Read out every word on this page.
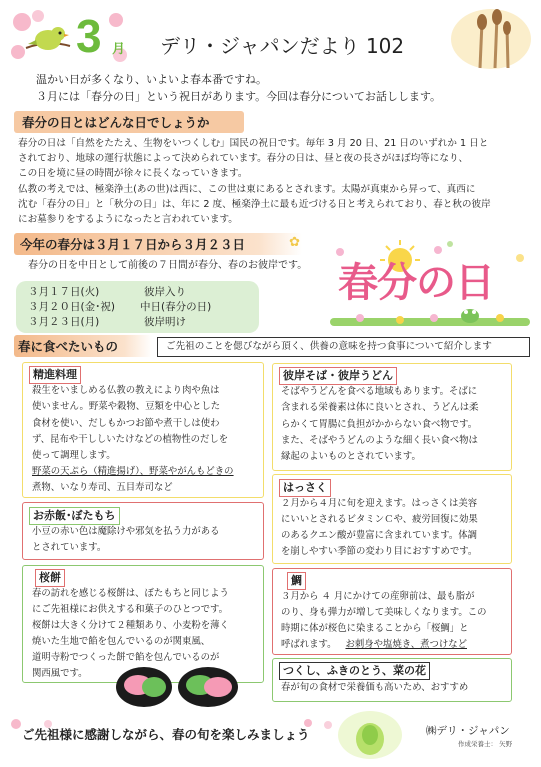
3 月 デリ・ジャパンだより 102
温かい日が多くなり、いよいよ春本番ですね。
３月には「春分の日」という祝日があります。今回は春分についてお話しします。
春分の日とはどんな日でしょうか
春分の日は「自然をたたえ、生物をいつくしむ」国民の祝日です。毎年 3 月 20 日、21 日のいずれか 1 日と
されており、地球の運行状態によって決められています。春分の日は、昼と夜の長さがほぼ均等になり、
この日を境に昼の時間が徐々に長くなっていきます。
仏教の考えでは、極楽浄土(あの世)は西に、この世は東にあるとされます。太陽が真東から昇って、真西に
沈む「春分の日」と「秋分の日」は、年に 2 度、極楽浄土に最も近づける日と考えられており、春と秋の彼岸
にお墓参りをするようになったと言われています。
今年の春分は３月１７日から３月２３日	✿
春分の日を中日として前後の７日間が春分、春のお彼岸です。
３月１７日(火)	彼岸入り
３月２０日(金･祝) 中日(春分の日)
３月２３日(月)	彼岸明け
春分の日
春に食べたいもの	ご先祖のことを偲びながら頂く、供養の意味を持つ食事について紹介します
精進料理
殺生をいましめる仏教の教えにより肉や魚は
使いません。野菜や穀物、豆類を中心とした
食材を使い、だしもかつお節や煮干しは使わ
ず、昆布や干ししいたけなどの植物性のだしを
使って調理します。
野菜の天ぷら（精進揚げ）、野菜やがんもどきの
煮物、いなり寿司、五目寿司など
彼岸そば・彼岸うどん
そばやうどんを食べる地域もあります。そばに
含まれる栄養素は体に良いとされ、うどんは柔
らかくて胃腸に負担がかからない食べ物です。
また、そばやうどんのような細く長い食べ物は
縁起のよいものとされています。
はっさく
２月から４月に旬を迎えます。はっさくは美容
にいいとされるビタミンＣや、疲労回復に効果
のあるクエン酸が豊富に含まれています。体調
を崩しやすい季節の変わり目におすすめです。
お赤飯･ぼたもち
小豆の赤い色は魔除けや邪気を払う力がある
とされています。
桜餅
春の訪れを感じる桜餅は、ぼたもちと同じよう
にご先祖様にお供えする和菓子のひとつです。
桜餅は大きく分けて２種類あり、小麦粉を薄く
焼いた生地で餡を包んでいるのが関東風、
道明寺粉でつくった餅で餡を包んでいるのが
関西風です。
鯛
３月から ４ 月にかけての産卵前は、最も脂が
のり、身も弾力が増して美味しくなります。この
時期に体が桜色に染まることから「桜鯛」と
呼ばれます。 お刺身や塩焼き、煮つけなど
つくし、ふきのとう、菜の花
春が旬の食材で栄養価も高いため、おすすめ
ご先祖様に感謝しながら、春の旬を楽しみましょう	㈱デリ・ジャパン
作成栄養士： 矢野
